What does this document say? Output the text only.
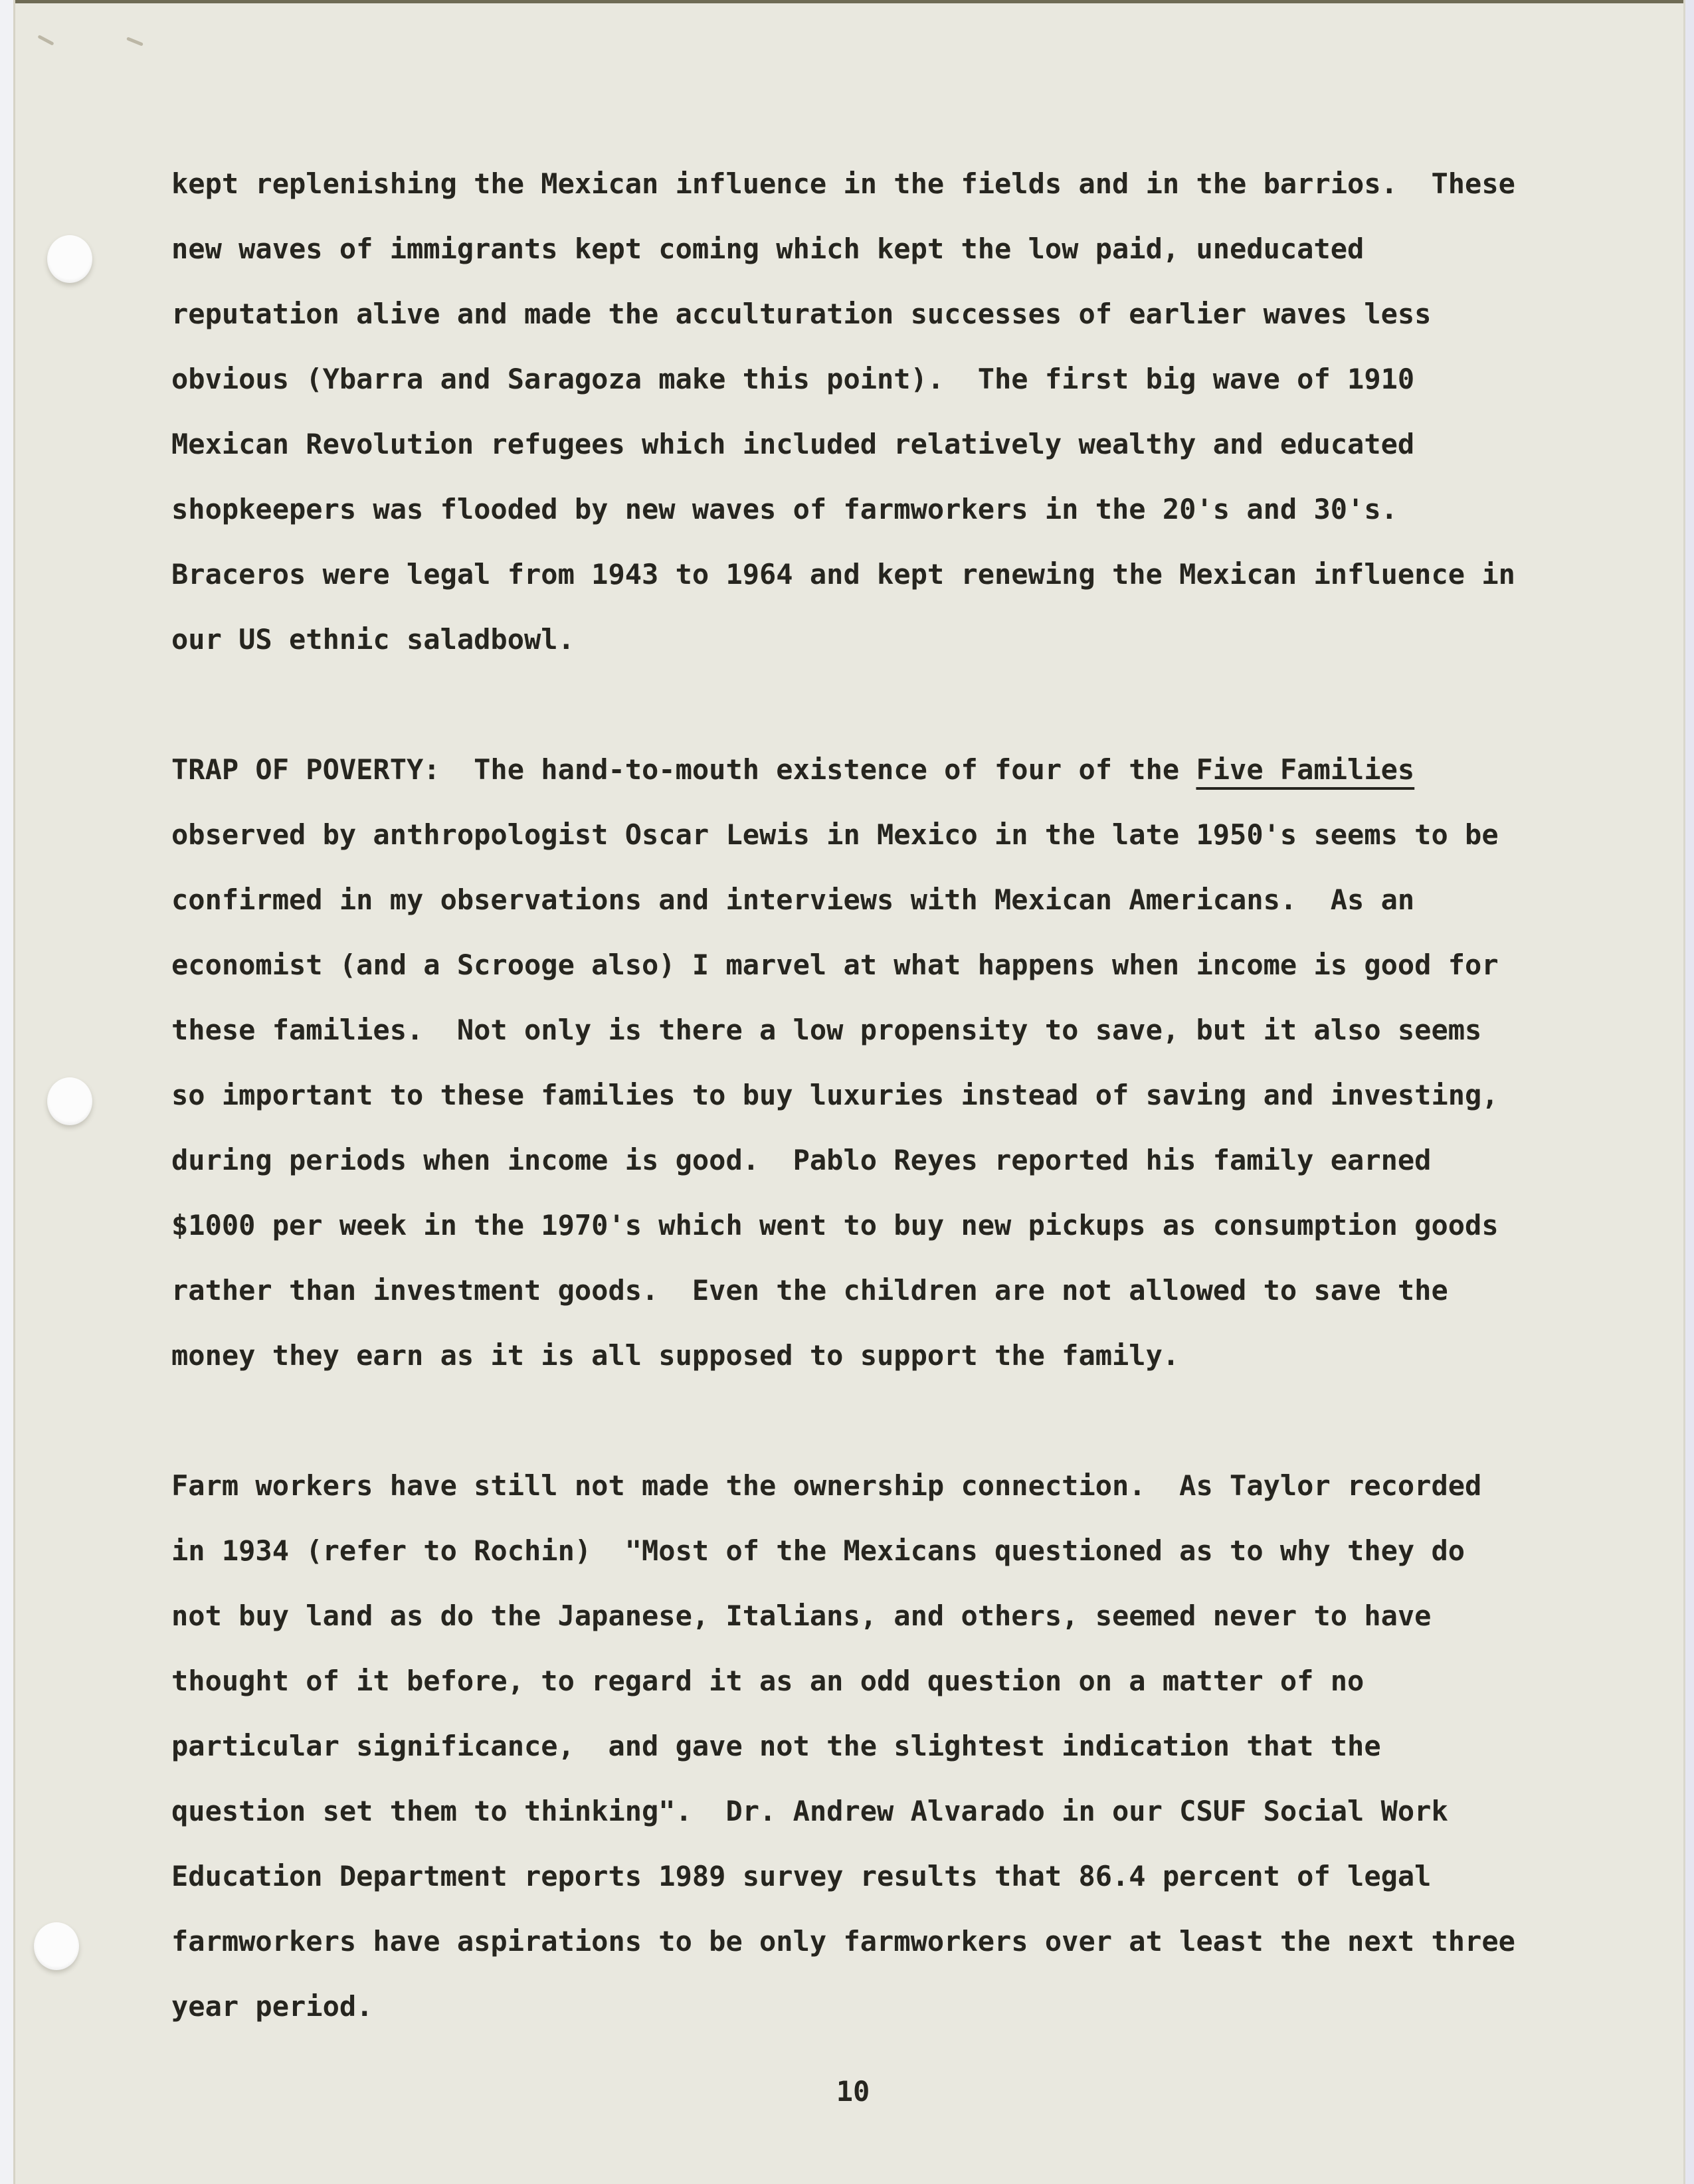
kept replenishing the Mexican influence in the fields and in the barrios.  These
new waves of immigrants kept coming which kept the low paid, uneducated
reputation alive and made the acculturation successes of earlier waves less
obvious (Ybarra and Saragoza make this point).  The first big wave of 1910
Mexican Revolution refugees which included relatively wealthy and educated
shopkeepers was flooded by new waves of farmworkers in the 20's and 30's.
Braceros were legal from 1943 to 1964 and kept renewing the Mexican influence in
our US ethnic saladbowl.

TRAP OF POVERTY:  The hand-to-mouth existence of four of the Five Families
observed by anthropologist Oscar Lewis in Mexico in the late 1950's seems to be
confirmed in my observations and interviews with Mexican Americans.  As an
economist (and a Scrooge also) I marvel at what happens when income is good for
these families.  Not only is there a low propensity to save, but it also seems
so important to these families to buy luxuries instead of saving and investing,
during periods when income is good.  Pablo Reyes reported his family earned
$1000 per week in the 1970's which went to buy new pickups as consumption goods
rather than investment goods.  Even the children are not allowed to save the
money they earn as it is all supposed to support the family.

Farm workers have still not made the ownership connection.  As Taylor recorded
in 1934 (refer to Rochin)  "Most of the Mexicans questioned as to why they do
not buy land as do the Japanese, Italians, and others, seemed never to have
thought of it before, to regard it as an odd question on a matter of no
particular significance,  and gave not the slightest indication that the
question set them to thinking".  Dr. Andrew Alvarado in our CSUF Social Work
Education Department reports 1989 survey results that 86.4 percent of legal
farmworkers have aspirations to be only farmworkers over at least the next three
year period.

10
